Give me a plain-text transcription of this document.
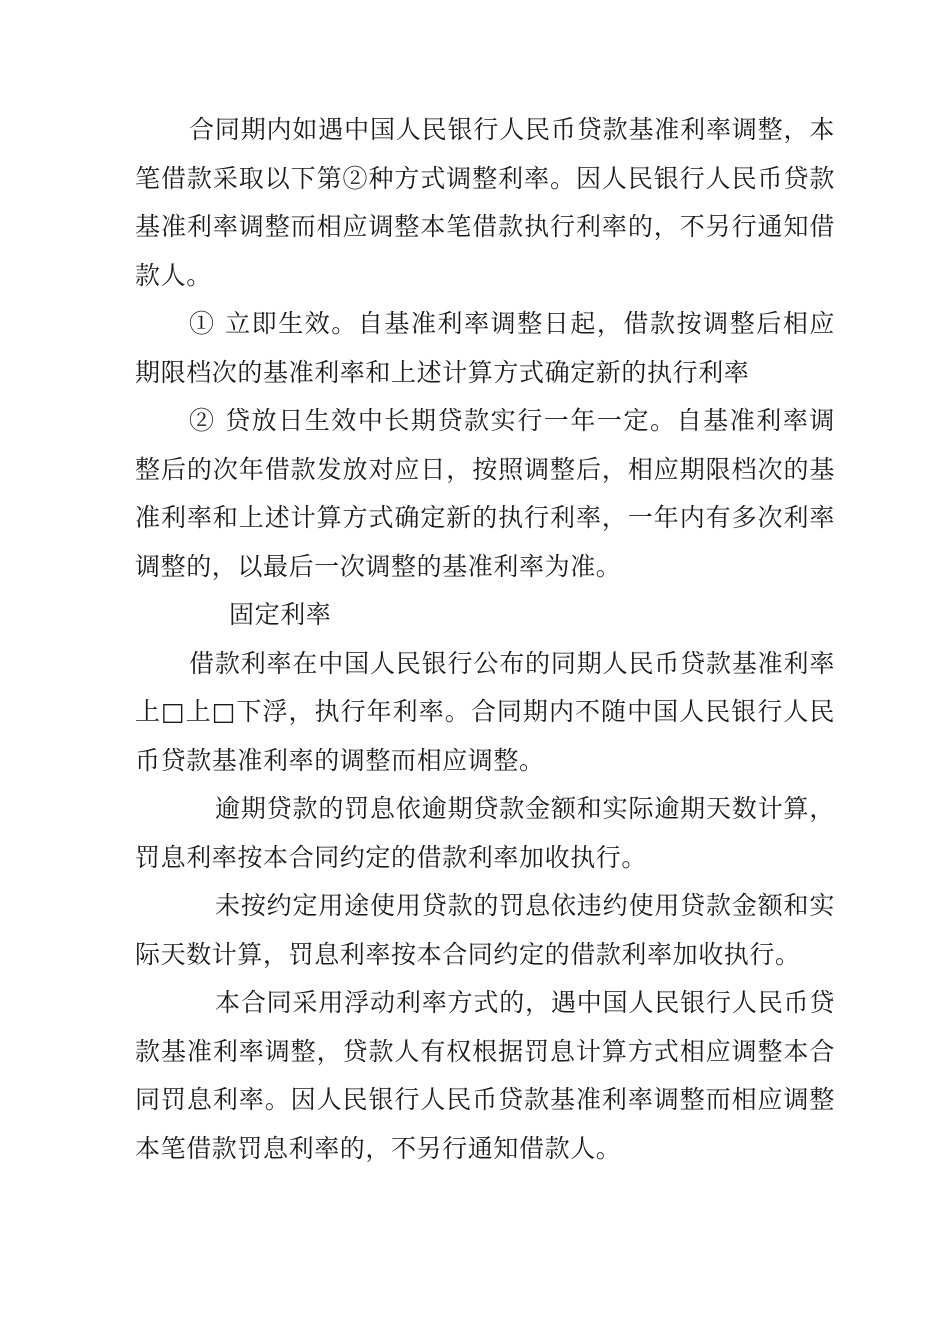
合同期内如遇中国人民银行人民币贷款基准利率调整，本笔借款采取以下第②种方式调整利率。因人民银行人民币贷款基准利率调整而相应调整本笔借款执行利率的，不另行通知借款人。

① 立即生效。自基准利率调整日起，借款按调整后相应期限档次的基准利率和上述计算方式确定新的执行利率

② 贷放日生效中长期贷款实行一年一定。自基准利率调整后的次年借款发放对应日，按照调整后，相应期限档次的基准利率和上述计算方式确定新的执行利率，一年内有多次利率调整的，以最后一次调整的基准利率为准。

固定利率

借款利率在中国人民银行公布的同期人民币贷款基准利率上□上□下浮，执行年利率。合同期内不随中国人民银行人民币贷款基准利率的调整而相应调整。

逾期贷款的罚息依逾期贷款金额和实际逾期天数计算，罚息利率按本合同约定的借款利率加收执行。

未按约定用途使用贷款的罚息依违约使用贷款金额和实际天数计算，罚息利率按本合同约定的借款利率加收执行。

本合同采用浮动利率方式的，遇中国人民银行人民币贷款基准利率调整，贷款人有权根据罚息计算方式相应调整本合同罚息利率。因人民银行人民币贷款基准利率调整而相应调整本笔借款罚息利率的，不另行通知借款人。
